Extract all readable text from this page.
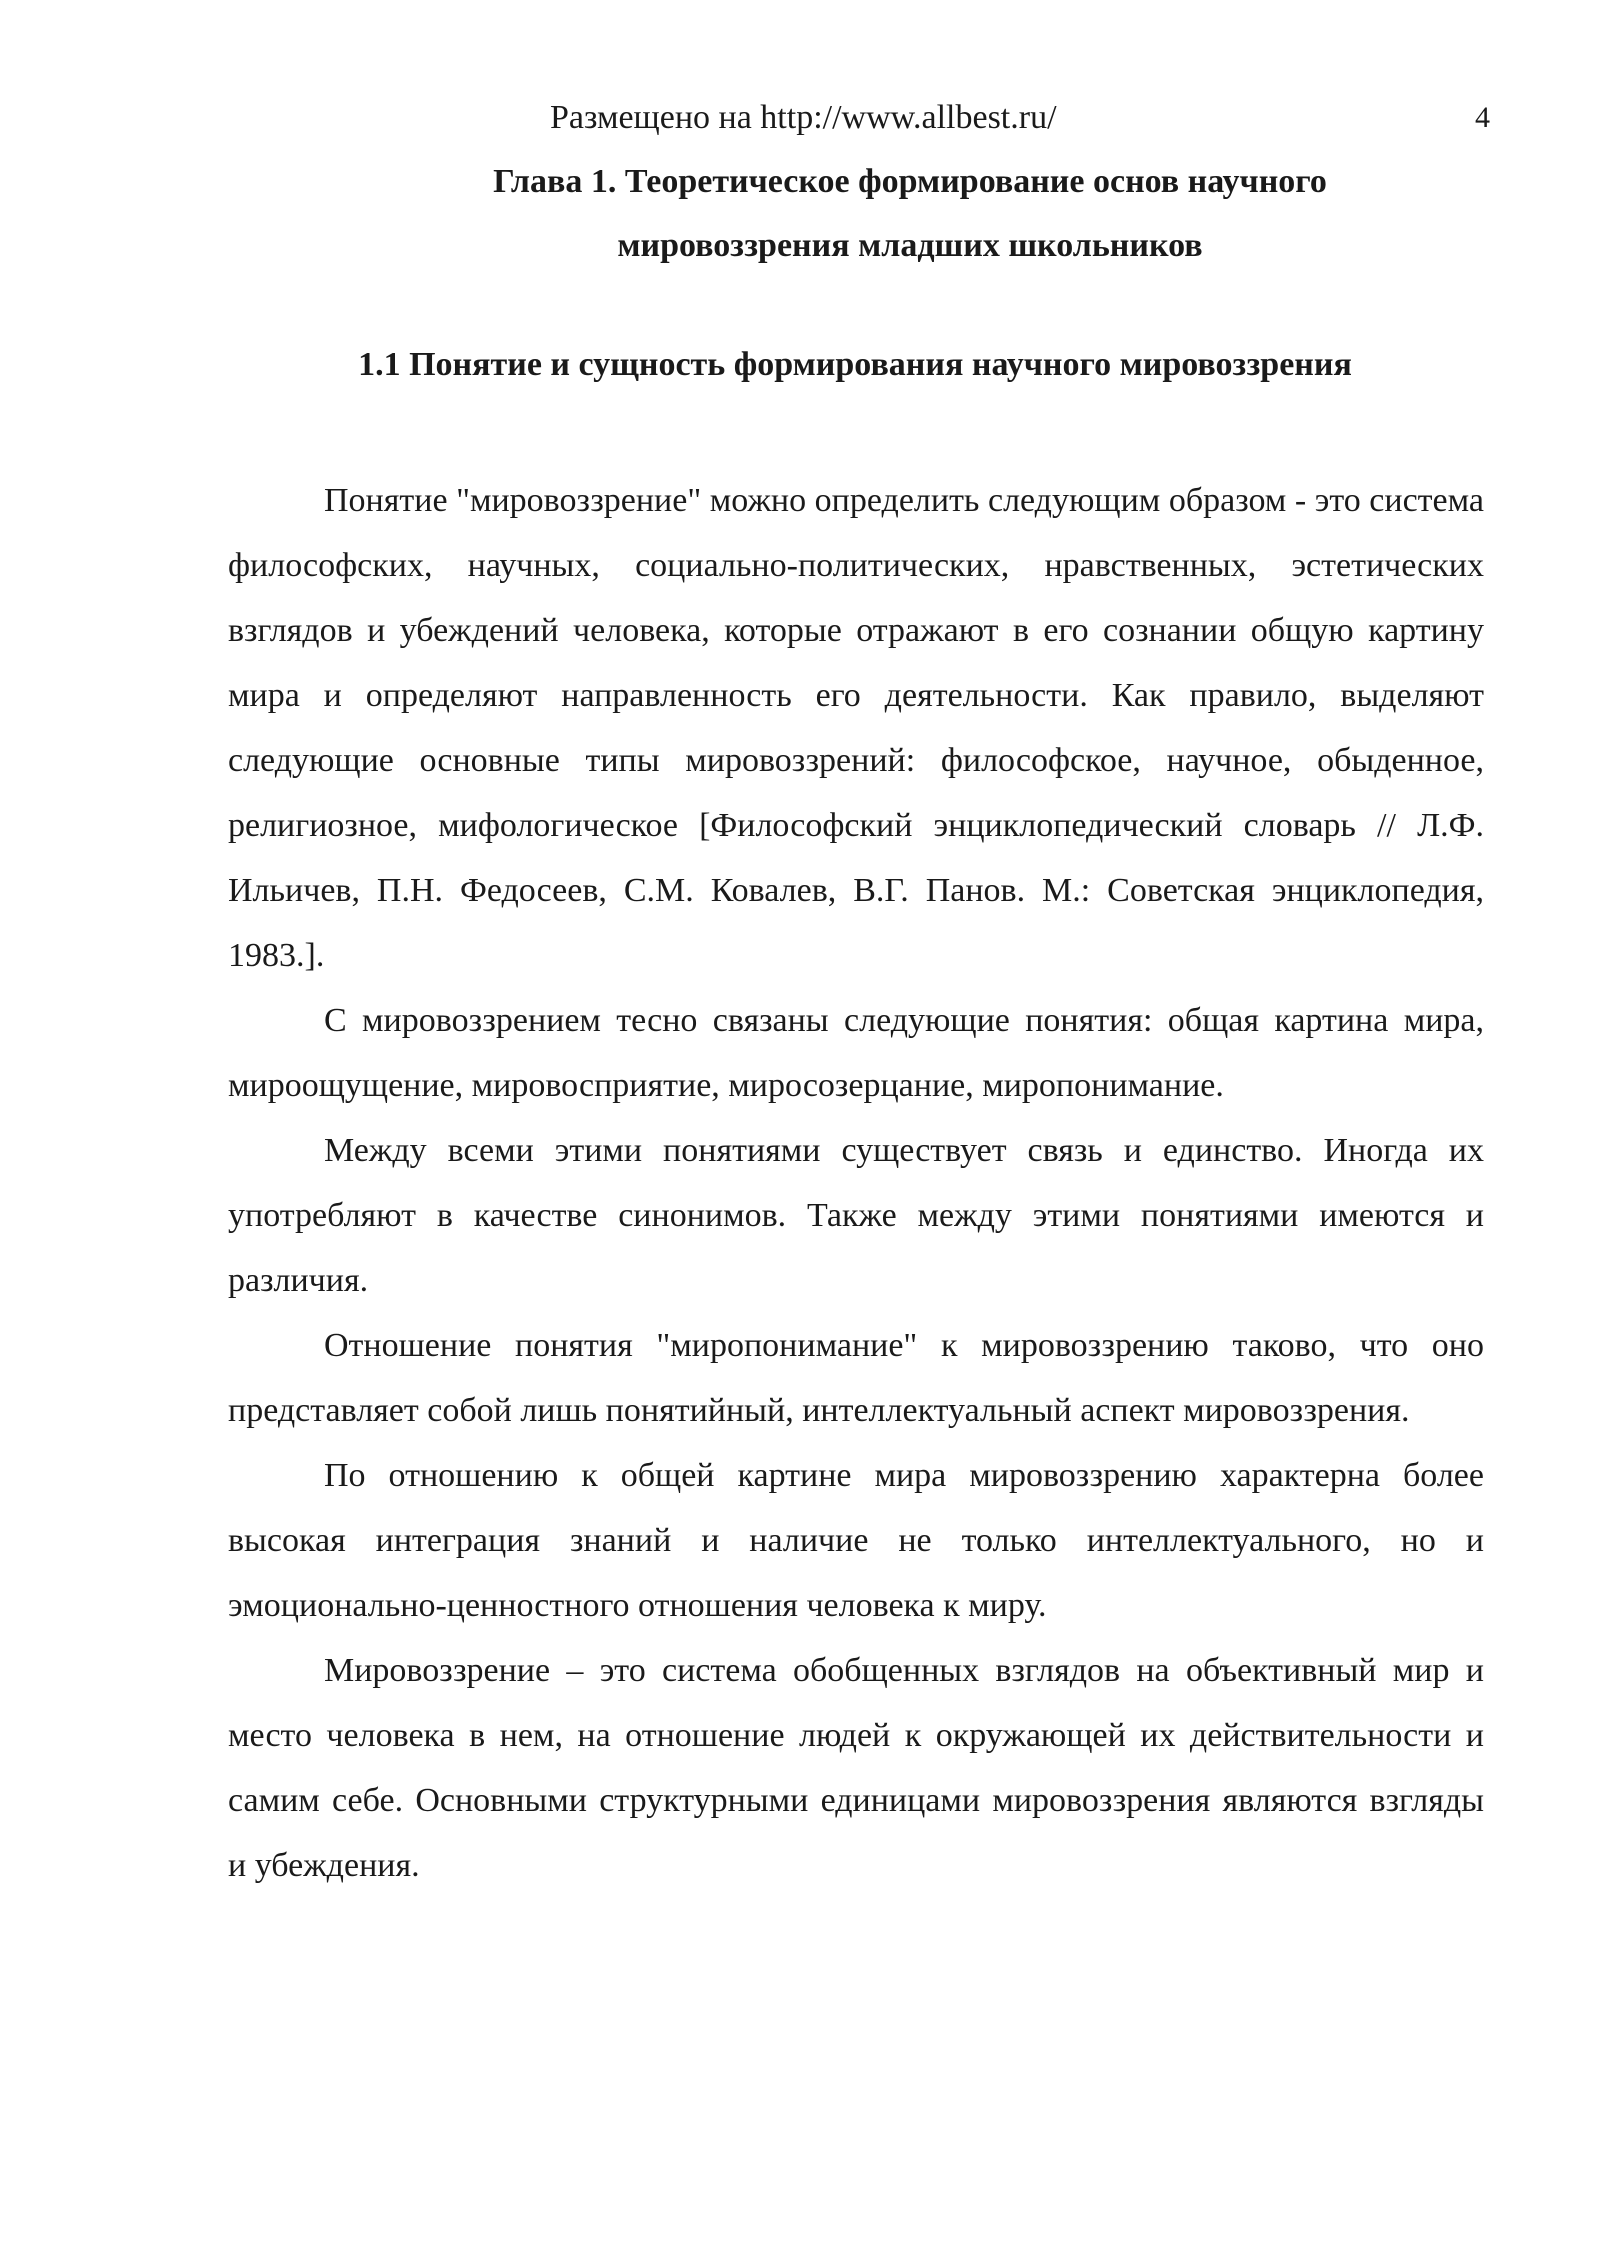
Размещено на http://www.allbest.ru/	4
Глава 1. Теоретическое формирование основ научного мировоззрения младших школьников
1.1 Понятие и сущность формирования научного мировоззрения

Понятие "мировоззрение" можно определить следующим образом - это система философских, научных, социально-политических, нравственных, эстетических взглядов и убеждений человека, которые отражают в его сознании общую картину мира и определяют направленность его деятельности. Как правило, выделяют следующие основные типы мировоззрений: философское, научное, обыденное, религиозное, мифологическое [Философский энциклопедический словарь // Л.Ф. Ильичев, П.Н. Федосеев, С.М. Ковалев, В.Г. Панов. М.: Советская энциклопедия, 1983.].

С мировоззрением тесно связаны следующие понятия: общая картина мира, мироощущение, мировосприятие, миросозерцание, миропонимание.

Между всеми этими понятиями существует связь и единство. Иногда их употребляют в качестве синонимов. Также между этими понятиями имеются и различия.

Отношение понятия "миропонимание" к мировоззрению таково, что оно представляет собой лишь понятийный, интеллектуальный аспект мировоззрения.

По отношению к общей картине мира мировоззрению характерна более высокая интеграция знаний и наличие не только интеллектуального, но и эмоционально-ценностного отношения человека к миру.

Мировоззрение – это система обобщенных взглядов на объективный мир и место человека в нем, на отношение людей к окружающей их действительности и самим себе. Основными структурными единицами мировоззрения являются взгляды и убеждения.
